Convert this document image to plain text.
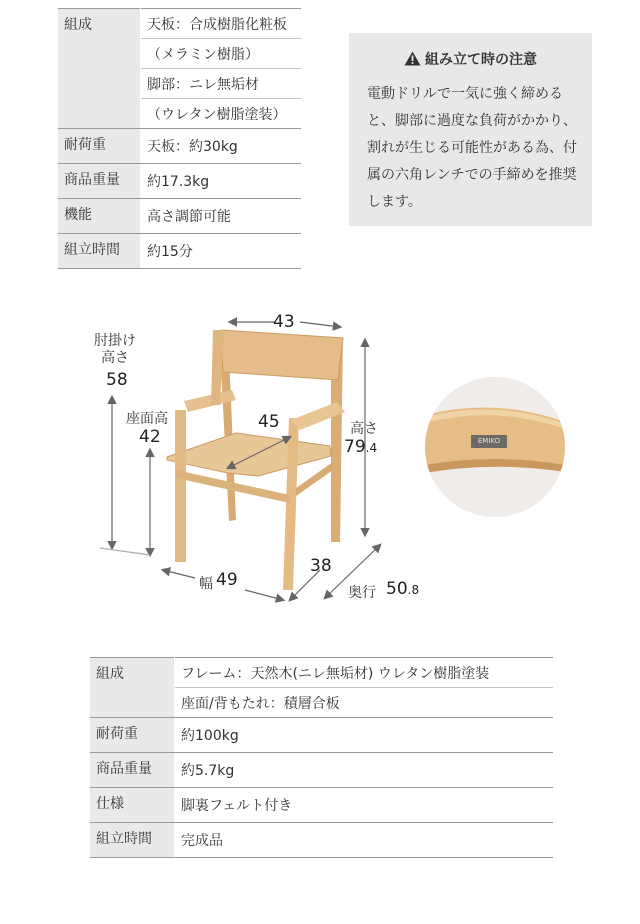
組成	天板：合成樹脂化粧板
	（メラミン樹脂）
	脚部：ニレ無垢材
	（ウレタン樹脂塗装）
耐荷重	天板：約30kg
商品重量	約17.3kg
機能	高さ調節可能
組立時間	約15分
組み立て時の注意
電動ドリルで一気に強く締めると、脚部に過度な負荷がかかり、割れが生じる可能性がある為、付属の六角レンチでの手締めを推奨します。
43
肘掛け
高さ
58
座面高
42
45	高さ
79.4
38
幅 49
奥行 50.8
EMIKO
組成	フレーム：天然木(ニレ無垢材) ウレタン樹脂塗装
	座面/背もたれ：積層合板
耐荷重	約100kg
商品重量	約5.7kg
仕様	脚裏フェルト付き
組立時間	完成品
